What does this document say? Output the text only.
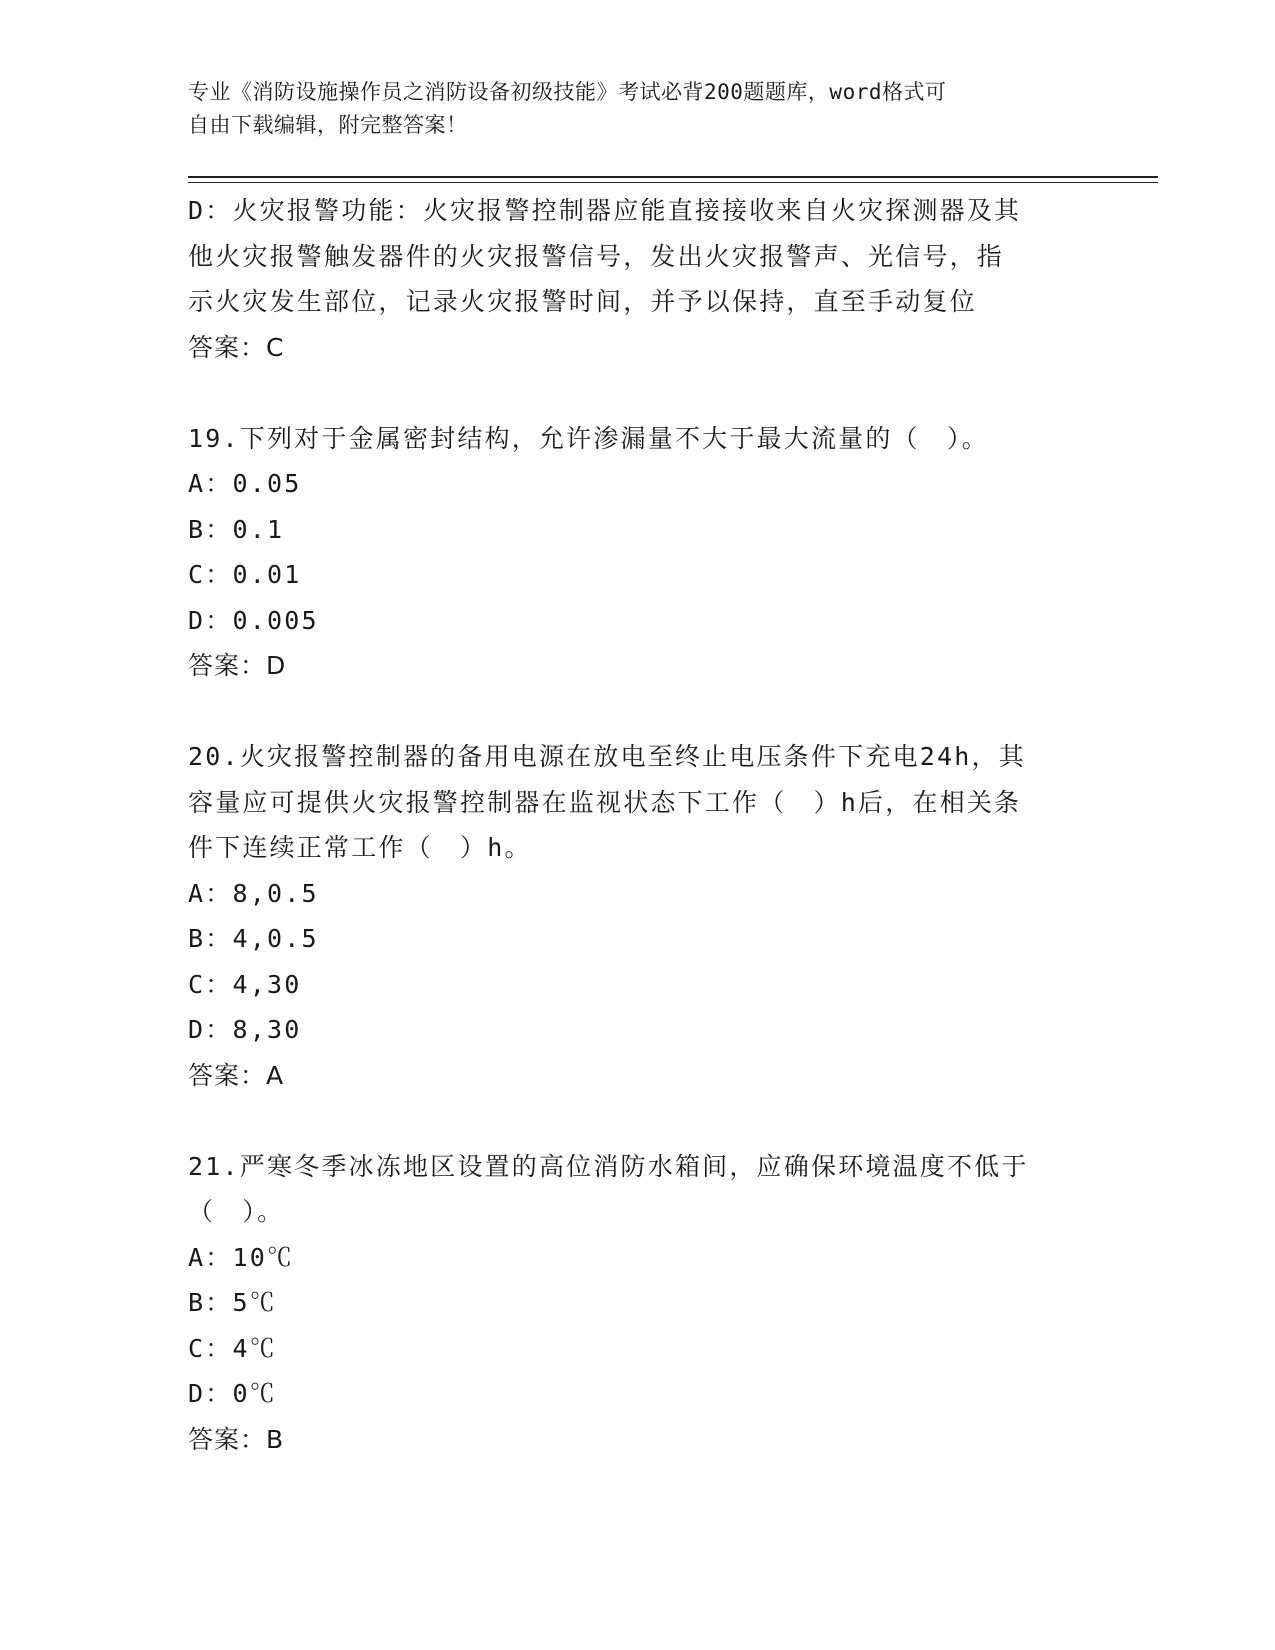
专业《消防设施操作员之消防设备初级技能》考试必背200题题库，word格式可
自由下载编辑，附完整答案！
D：火灾报警功能：火灾报警控制器应能直接接收来自火灾探测器及其
他火灾报警触发器件的火灾报警信号，发出火灾报警声、光信号，指
示火灾发生部位，记录火灾报警时间，并予以保持，直至手动复位
答案：C
19.下列对于金属密封结构，允许渗漏量不大于最大流量的（　）。
A：0.05
B：0.1
C：0.01
D：0.005
答案：D
20.火灾报警控制器的备用电源在放电至终止电压条件下充电24h，其
容量应可提供火灾报警控制器在监视状态下工作（　）h后，在相关条
件下连续正常工作（　）h。
A：8,0.5
B：4,0.5
C：4,30
D：8,30
答案：A
21.严寒冬季冰冻地区设置的高位消防水箱间，应确保环境温度不低于
（　）。
A：10℃
B：5℃
C：4℃
D：0℃
答案：B
